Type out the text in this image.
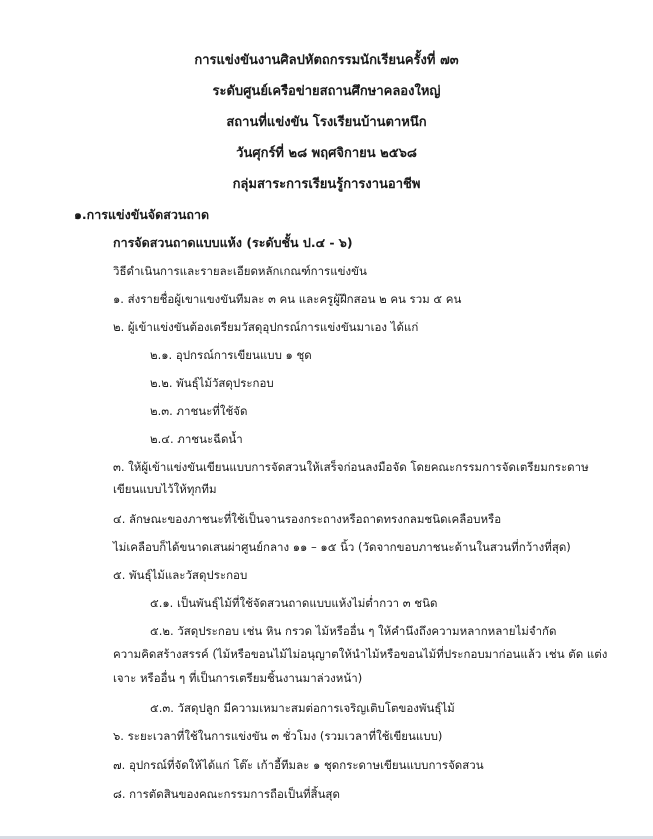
การแข่งขันงานศิลปหัตถกรรมนักเรียนครั้งที่ ๗๓
ระดับศูนย์เครือข่ายสถานศึกษาคลองใหญ่
สถานที่แข่งขัน โรงเรียนบ้านตาหนึก
วันศุกร์ที่ ๒๘ พฤศจิกายน ๒๕๖๘
กลุ่มสาระการเรียนรู้การงานอาชีพ
๑.การแข่งขันจัดสวนถาด
การจัดสวนถาดแบบแห้ง (ระดับชั้น ป.๔ - ๖)
วิธีดำเนินการและรายละเอียดหลักเกณฑ์การแข่งขัน
๑. ส่งรายชื่อผู้เขาแขงขันทีมละ ๓ คน และครูผู้ฝึกสอน ๒ คน รวม ๕ คน
๒. ผู้เข้าแข่งขันต้องเตรียมวัสดุอุปกรณ์การแข่งขันมาเอง ได้แก่
๒.๑. อุปกรณ์การเขียนแบบ ๑ ชุด
๒.๒. พันธุ์ไม้วัสดุประกอบ
๒.๓. ภาชนะที่ใช้จัด
๒.๔. ภาชนะฉีดน้ำ
๓. ให้ผู้เข้าแข่งขันเขียนแบบการจัดสวนให้เสร็จก่อนลงมือจัด โดยคณะกรรมการจัดเตรียมกระดาษ
เขียนแบบไว้ให้ทุกทีม
๔. ลักษณะของภาชนะที่ใช้เป็นจานรองกระถางหรือถาดทรงกลมชนิดเคลือบหรือ
ไม่เคลือบก็ได้ขนาดเสนผ่าศูนย์กลาง ๑๑ – ๑๕ นิ้ว (วัดจากขอบภาชนะด้านในสวนที่กว้างที่สุด)
๕. พันธุ์ไม้และวัสดุประกอบ
๕.๑. เป็นพันธุ์ไม้ที่ใช้จัดสวนถาดแบบแห้งไม่ต่ำกวา ๓ ชนิด
๕.๒. วัสดุประกอบ เช่น หิน กรวด ไม้หรืออื่น ๆ ให้คำนึงถึงความหลากหลายไม่จำกัด
ความคิดสร้างสรรค์ (ไม้หรือขอนไม้ไม่อนุญาตให้นำไม้หรือขอนไม้ที่ประกอบมาก่อนแล้ว เช่น ตัด แต่ง
เจาะ หรืออื่น ๆ ที่เป็นการเตรียมชิ้นงานมาล่วงหน้า)
๕.๓. วัสดุปลูก มีความเหมาะสมต่อการเจริญเติบโตของพันธุ์ไม้
๖. ระยะเวลาที่ใช้ในการแข่งขัน ๓ ชั่วโมง (รวมเวลาที่ใช้เขียนแบบ)
๗. อุปกรณ์ที่จัดให้ได้แก่ โต๊ะ เก้าอี้ทีมละ ๑ ชุดกระดาษเขียนแบบการจัดสวน
๘. การตัดสินของคณะกรรมการถือเป็นที่สิ้นสุด
